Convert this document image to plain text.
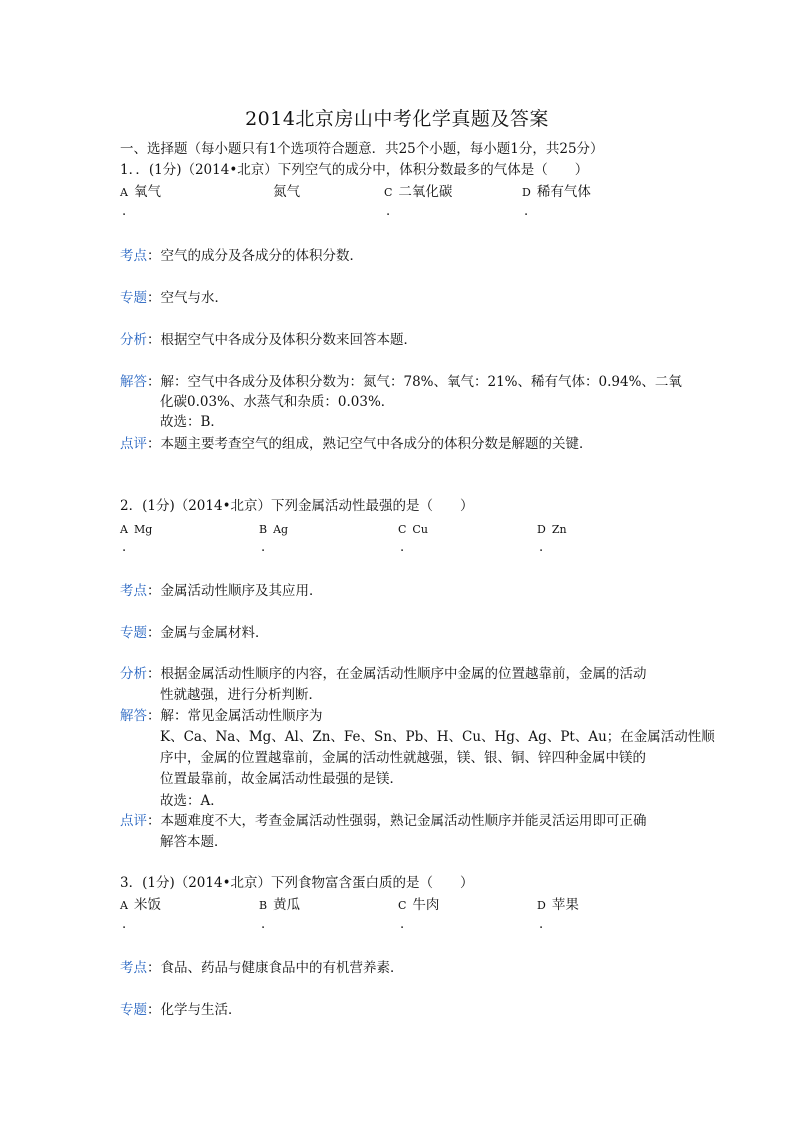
2014北京房山中考化学真题及答案
一、选择题（每小题只有1个选项符合题意．共25个小题，每小题1分，共25分）
1．．(1分)（2014•北京）下列空气的成分中，体积分数最多的气体是（　　）
A 氧气	氮气	C 二氧化碳	D 稀有气体
.	.	.
考点：空气的成分及各成分的体积分数．
专题：空气与水．
分析：根据空气中各成分及体积分数来回答本题．
解答：解：空气中各成分及体积分数为：氮气：78%、氧气：21%、稀有气体：0.94%、二氧
化碳0.03%、水蒸气和杂质：0.03%．
故选：B．
点评：本题主要考查空气的组成，熟记空气中各成分的体积分数是解题的关键．
2．(1分)（2014•北京）下列金属活动性最强的是（　　）
A Mg	B Ag	C Cu	D Zn
.	.	.	.
考点：金属活动性顺序及其应用．
专题：金属与金属材料．
分析：根据金属活动性顺序的内容，在金属活动性顺序中金属的位置越靠前，金属的活动
性就越强，进行分析判断．
解答：解：常见金属活动性顺序为
K、Ca、Na、Mg、Al、Zn、Fe、Sn、Pb、H、Cu、Hg、Ag、Pt、Au；在金属活动性顺
序中，金属的位置越靠前，金属的活动性就越强，镁、银、铜、锌四种金属中镁的
位置最靠前，故金属活动性最强的是镁．
故选：A．
点评：本题难度不大，考查金属活动性强弱，熟记金属活动性顺序并能灵活运用即可正确
解答本题．
3．(1分)（2014•北京）下列食物富含蛋白质的是（　　）
A 米饭	B 黄瓜	C 牛肉	D 苹果
.	.	.	.
考点：食品、药品与健康食品中的有机营养素．
专题：化学与生活．
